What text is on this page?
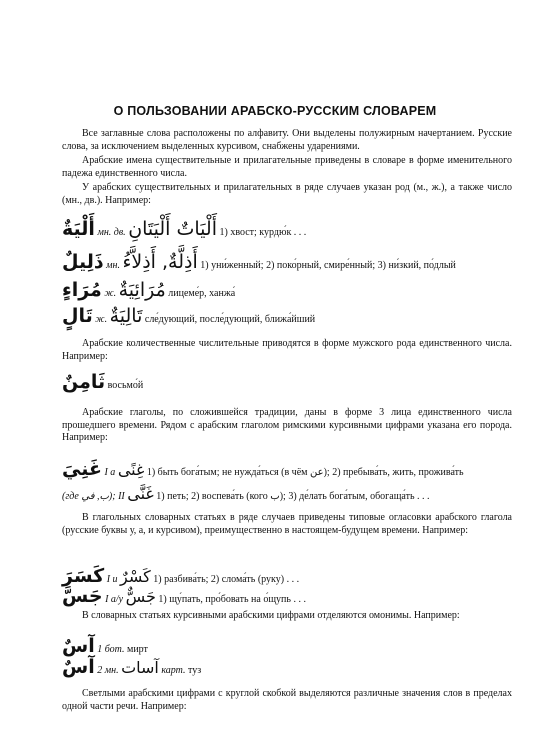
О ПОЛЬЗОВАНИИ АРАБСКО-РУССКИМ СЛОВАРЕМ
Все заглавные слова расположены по алфавиту. Они выделены полужирным начертанием. Русские слова, за исключением выделенных курсивом, снабжены ударениями.
Арабские имена существительные и прилагательные приведены в словаре в форме именительного падежа единственного числа.
У арабских существительных и прилагательных в ряде случаев указан род (м., ж.), а также число (мн., дв.). Например:
أَلْيَةٌ мн. дв. أَلْيَاتٌ أَلْيَتَانِ 1) хвост; курдю́к . . .
ذَلِيلٌ мн. أَذِلَّةٌ, أَذِلاَّءُ 1) уни́женный; 2) поко́рный, смире́нный; 3) ни́зкий, по́длый
مُرَاءٍ ж. مُرَائِيَةٌ лицеме́р, ханжа́
تَالٍ ж. تَالِيَةٌ сле́дующий, после́дующий, ближа́йший
Арабские количественные числительные приводятся в форме мужского рода единственного числа. Например:
ثَامِنٌ восьмо́й
Арабские глаголы, по сложившейся традиции, даны в форме 3 лица единственного числа прошедшего времени. Рядом с арабским глаголом римскими курсивными цифрами указана его порода. Например:
غَنِيَ I a غِنًى 1) быть бога́тым; не нужда́ться (в чём عن); 2) пребыва́ть, жить, прожива́ть
(где ب, في); II غَنَّى 1) петь; 2) воспева́ть (кого ب); 3) де́лать бога́тым, обогаща́ть . . .
В глагольных словарных статьях в ряде случаев приведены типовые огласовки арабского глагола (русские буквы у, а, и курсивом), преимущественно в настоящем-будущем времени. Например:
كَسَرَ I и كَسْرٌ 1) разбива́ть; 2) слома́ть (руку) . . .
جَسَّ I а/у جَسٌّ 1) щу́пать, про́бовать на о́щупь . . .
В словарных статьях курсивными арабскими цифрами отделяются омонимы. Например:
آسٌ 1 бот. мирт
آسٌ 2 мн. آسات карт. туз
Светлыми арабскими цифрами с круглой скобкой выделяются различные значения слов в пределах одной части речи. Например:
